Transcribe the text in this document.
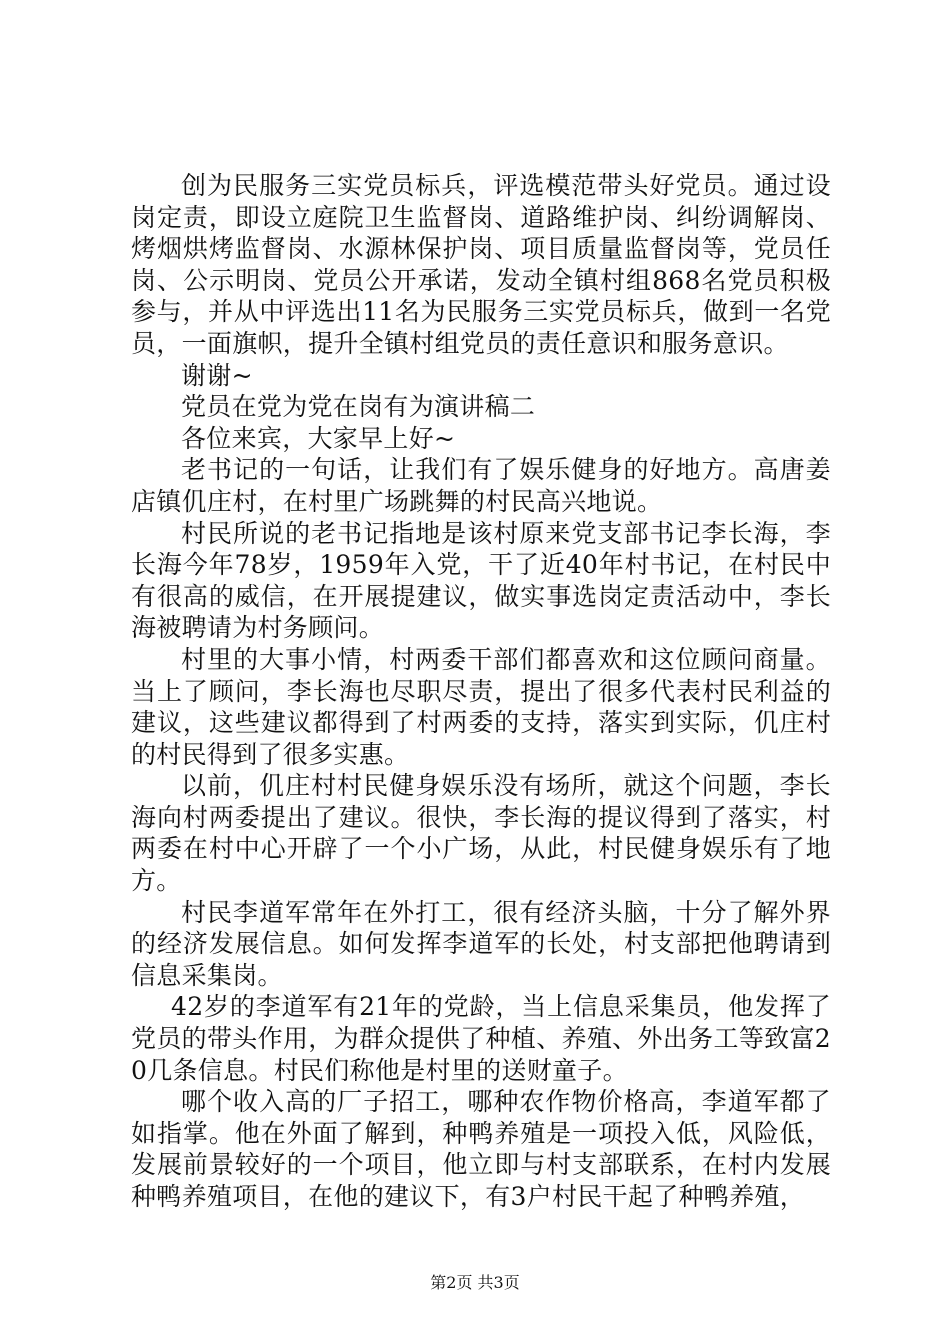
创为民服务三实党员标兵，评选模范带头好党员。通过设岗定责，即设立庭院卫生监督岗、道路维护岗、纠纷调解岗、烤烟烘烤监督岗、水源林保护岗、项目质量监督岗等，党员任岗、公示明岗、党员公开承诺，发动全镇村组868名党员积极参与，并从中评选出11名为民服务三实党员标兵，做到一名党员，一面旗帜，提升全镇村组党员的责任意识和服务意识。

谢谢~

党员在党为党在岗有为演讲稿二

各位来宾，大家早上好~

老书记的一句话，让我们有了娱乐健身的好地方。高唐姜店镇仉庄村，在村里广场跳舞的村民高兴地说。

村民所说的老书记指地是该村原来党支部书记李长海，李长海今年78岁，1959年入党，干了近40年村书记，在村民中有很高的威信，在开展提建议，做实事选岗定责活动中，李长海被聘请为村务顾问。

村里的大事小情，村两委干部们都喜欢和这位顾问商量。当上了顾问，李长海也尽职尽责，提出了很多代表村民利益的建议，这些建议都得到了村两委的支持，落实到实际，仉庄村的村民得到了很多实惠。

以前，仉庄村村民健身娱乐没有场所，就这个问题，李长海向村两委提出了建议。很快，李长海的提议得到了落实，村两委在村中心开辟了一个小广场，从此，村民健身娱乐有了地方。

村民李道军常年在外打工，很有经济头脑，十分了解外界的经济发展信息。如何发挥李道军的长处，村支部把他聘请到信息采集岗。

42岁的李道军有21年的党龄，当上信息采集员，他发挥了党员的带头作用，为群众提供了种植、养殖、外出务工等致富20几条信息。村民们称他是村里的送财童子。

哪个收入高的厂子招工，哪种农作物价格高，李道军都了如指掌。他在外面了解到，种鸭养殖是一项投入低，风险低，发展前景较好的一个项目，他立即与村支部联系，在村内发展种鸭养殖项目，在他的建议下，有3户村民干起了种鸭养殖，

第2页 共3页
